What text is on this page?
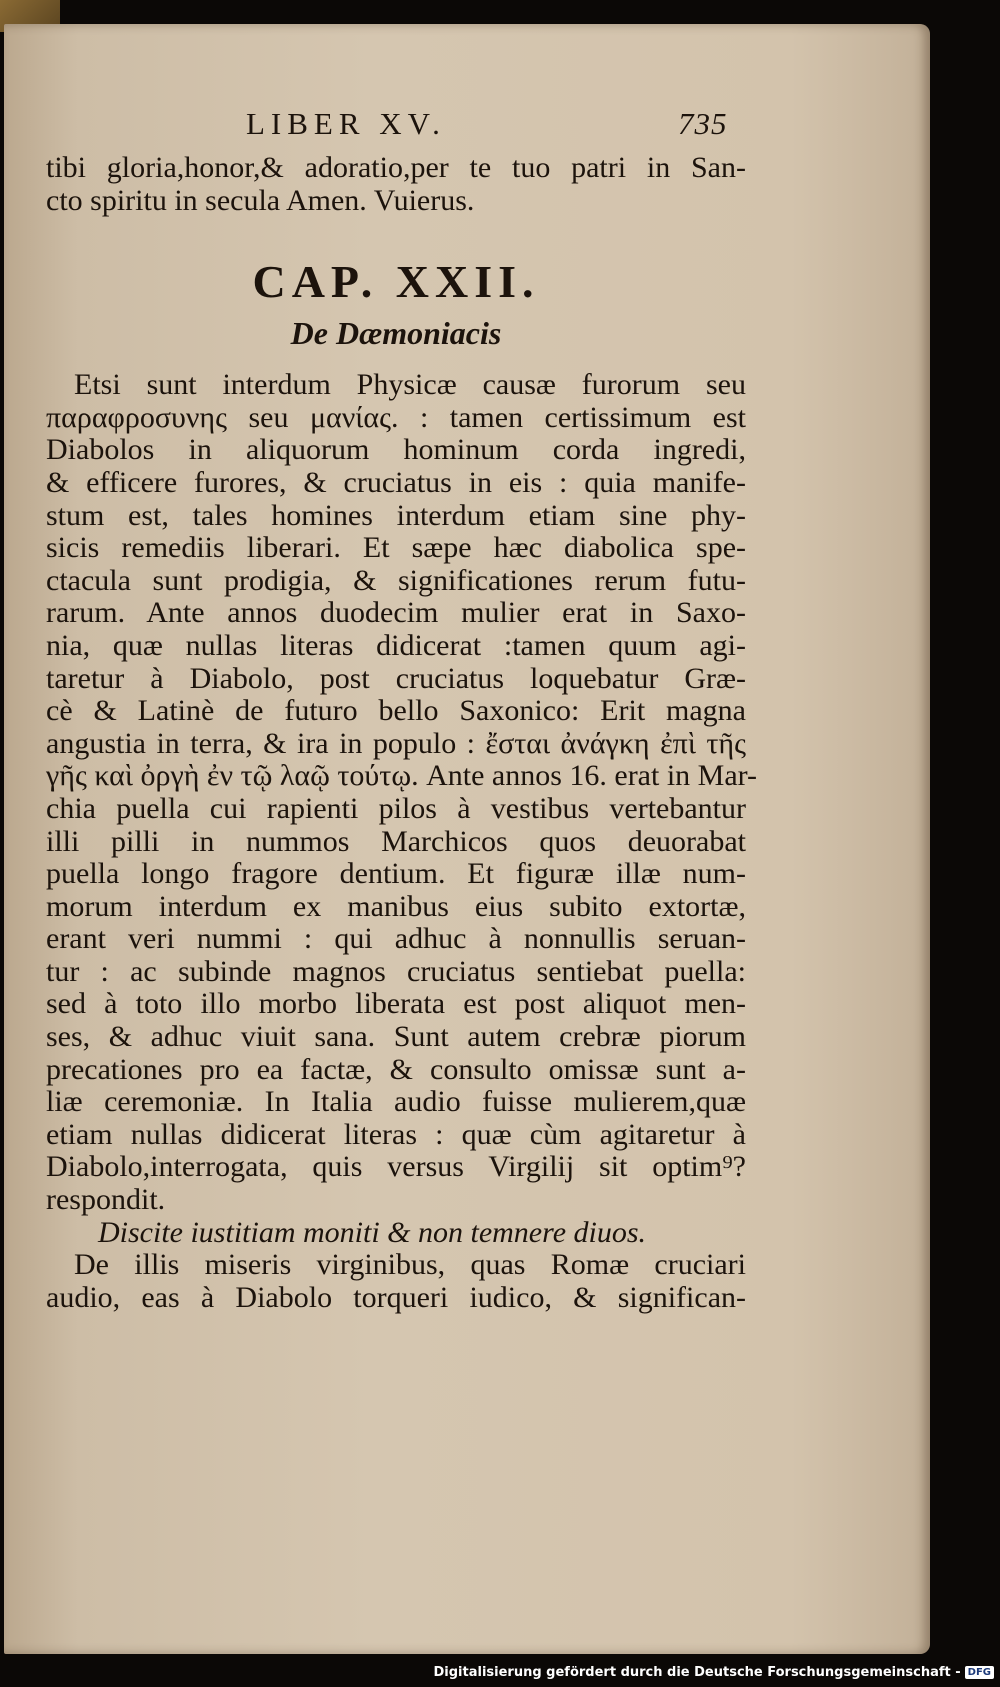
LIBER XV.	735
tibi gloria,honor,& adoratio,per te tuo patri in San-
cto spiritu in secula Amen. Vuierus.
CAP. XXII.
De Dæmoniacis
Etsi sunt interdum Physicæ causæ furorum seu
παραφροσυνης seu μανίας. : tamen certissimum est
Diabolos in aliquorum hominum corda ingredi,
& efficere furores, & cruciatus in eis : quia manife-
stum est, tales homines interdum etiam sine phy-
sicis remediis liberari. Et sæpe hæc diabolica spe-
ctacula sunt prodigia, & significationes rerum futu-
rarum. Ante annos duodecim mulier erat in Saxo-
nia, quæ nullas literas didicerat :tamen quum agi-
taretur à Diabolo, post cruciatus loquebatur Græ-
cè & Latinè de futuro bello Saxonico: Erit magna
angustia in terra, & ira in populo : ἔσται ἀνάγκη ἐπὶ τῆς
γῆς καὶ ὀργὴ ἐν τῷ λαῷ τούτῳ. Ante annos 16. erat in Mar-
chia puella cui rapienti pilos à vestibus vertebantur
illi pilli in nummos Marchicos quos deuorabat
puella longo fragore dentium. Et figuræ illæ num-
morum interdum ex manibus eius subito extortæ,
erant veri nummi : qui adhuc à nonnullis seruan-
tur : ac subinde magnos cruciatus sentiebat puella:
sed à toto illo morbo liberata est post aliquot men-
ses, & adhuc viuit sana. Sunt autem crebræ piorum
precationes pro ea factæ, & consulto omissæ sunt a-
liæ ceremoniæ. In Italia audio fuisse mulierem,quæ
etiam nullas didicerat literas : quæ cùm agitaretur à
Diabolo,interrogata, quis versus Virgilij sit optim⁹?
respondit.
Discite iustitiam moniti & non temnere diuos.
De illis miseris virginibus, quas Romæ cruciari
audio, eas à Diabolo torqueri iudico, & significan-
Digitalisierung gefördert durch die Deutsche Forschungsgemeinschaft - DFG
